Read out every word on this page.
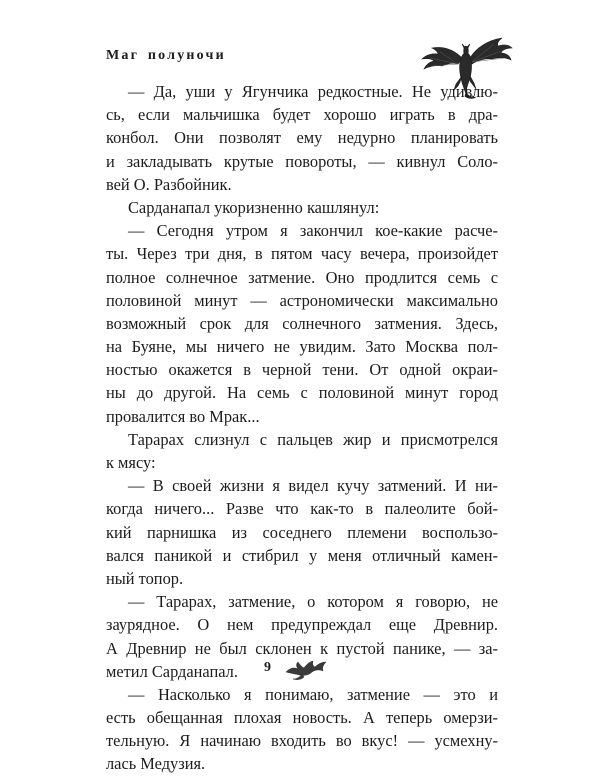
Маг полуночи
— Да, уши у Ягунчика редкостные. Не удивлю-
сь, если мальчишка будет хорошо играть в дра-
конбол. Они позволят ему недурно планировать
и закладывать крутые повороты, — кивнул Соло-
вей О. Разбойник.
Сарданапал укоризненно кашлянул:
— Сегодня утром я закончил кое-какие расче-
ты. Через три дня, в пятом часу вечера, произойдет
полное солнечное затмение. Оно продлится семь с
половиной минут — астрономически максимально
возможный срок для солнечного затмения. Здесь,
на Буяне, мы ничего не увидим. Зато Москва пол-
ностью окажется в черной тени. От одной окраи-
ны до другой. На семь с половиной минут город
провалится во Мрак...
Тарарах слизнул с пальцев жир и присмотрелся
к мясу:
— В своей жизни я видел кучу затмений. И ни-
когда ничего... Разве что как-то в палеолите бой-
кий парнишка из соседнего племени воспользо-
вался паникой и стибрил у меня отличный камен-
ный топор.
— Тарарах, затмение, о котором я говорю, не
заурядное. О нем предупреждал еще Древнир.
А Древнир не был склонен к пустой панике, — за-
метил Сарданапал.
— Насколько я понимаю, затмение — это и
есть обещанная плохая новость. А теперь омерзи-
тельную. Я начинаю входить во вкус! — усмехну-
лась Медузия.
9
